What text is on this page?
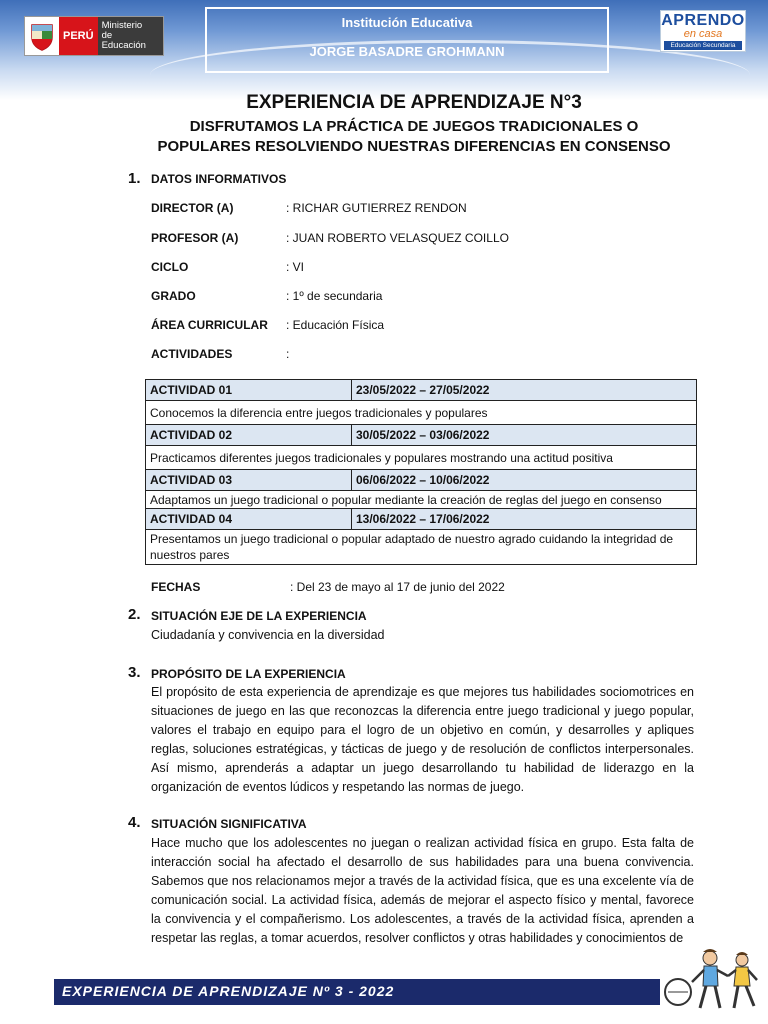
PERÚ
Ministerio
de Educación
Institución Educativa
JORGE BASADRE GROHMANN
APRENDO
en casa
Educación Secundaria
EXPERIENCIA DE APRENDIZAJE N°3
DISFRUTAMOS LA PRÁCTICA DE JUEGOS TRADICIONALES O
POPULARES RESOLVIENDO NUESTRAS DIFERENCIAS EN CONSENSO
1. DATOS INFORMATIVOS
DIRECTOR (A)	: RICHAR GUTIERREZ RENDON
PROFESOR (A)	: JUAN ROBERTO VELASQUEZ COILLO
CICLO	: VI
GRADO	: 1º de secundaria
ÁREA CURRICULAR : Educación Física
ACTIVIDADES	:
ACTIVIDAD 01	23/05/2022 – 27/05/2022
Conocemos la diferencia entre juegos tradicionales y populares	
ACTIVIDAD 02	30/05/2022 – 03/06/2022
Practicamos diferentes juegos tradicionales y populares mostrando una actitud positiva	
ACTIVIDAD 03	06/06/2022 – 10/06/2022
Adaptamos un juego tradicional o popular mediante la creación de reglas del juego en consenso	
ACTIVIDAD 04	13/06/2022 – 17/06/2022
Presentamos un juego tradicional o popular adaptado de nuestro agrado cuidando la integridad de nuestros pares	
FECHAS	: Del 23 de mayo al 17 de junio del 2022
2. SITUACIÓN EJE DE LA EXPERIENCIA
Ciudadanía y convivencia en la diversidad
3. PROPÓSITO DE LA EXPERIENCIA
El propósito de esta experiencia de aprendizaje es que mejores tus habilidades sociomotrices en situaciones de juego en las que reconozcas la diferencia entre juego tradicional y juego popular, valores el trabajo en equipo para el logro de un objetivo en común, y desarrolles y apliques reglas, soluciones estratégicas, y tácticas de juego y de resolución de conflictos interpersonales. Así mismo, aprenderás a adaptar un juego desarrollando tu habilidad de liderazgo en la organización de eventos lúdicos y respetando las normas de juego.
4. SITUACIÓN SIGNIFICATIVA
Hace mucho que los adolescentes no juegan o realizan actividad física en grupo. Esta falta de interacción social ha afectado el desarrollo de sus habilidades para una buena convivencia. Sabemos que nos relacionamos mejor a través de la actividad física, que es una excelente vía de comunicación social. La actividad física, además de mejorar el aspecto físico y mental, favorece la convivencia y el compañerismo. Los adolescentes, a través de la actividad física, aprenden a respetar las reglas, a tomar acuerdos, resolver conflictos y otras habilidades y conocimientos de
EXPERIENCIA DE APRENDIZAJE Nº 3 - 2022
